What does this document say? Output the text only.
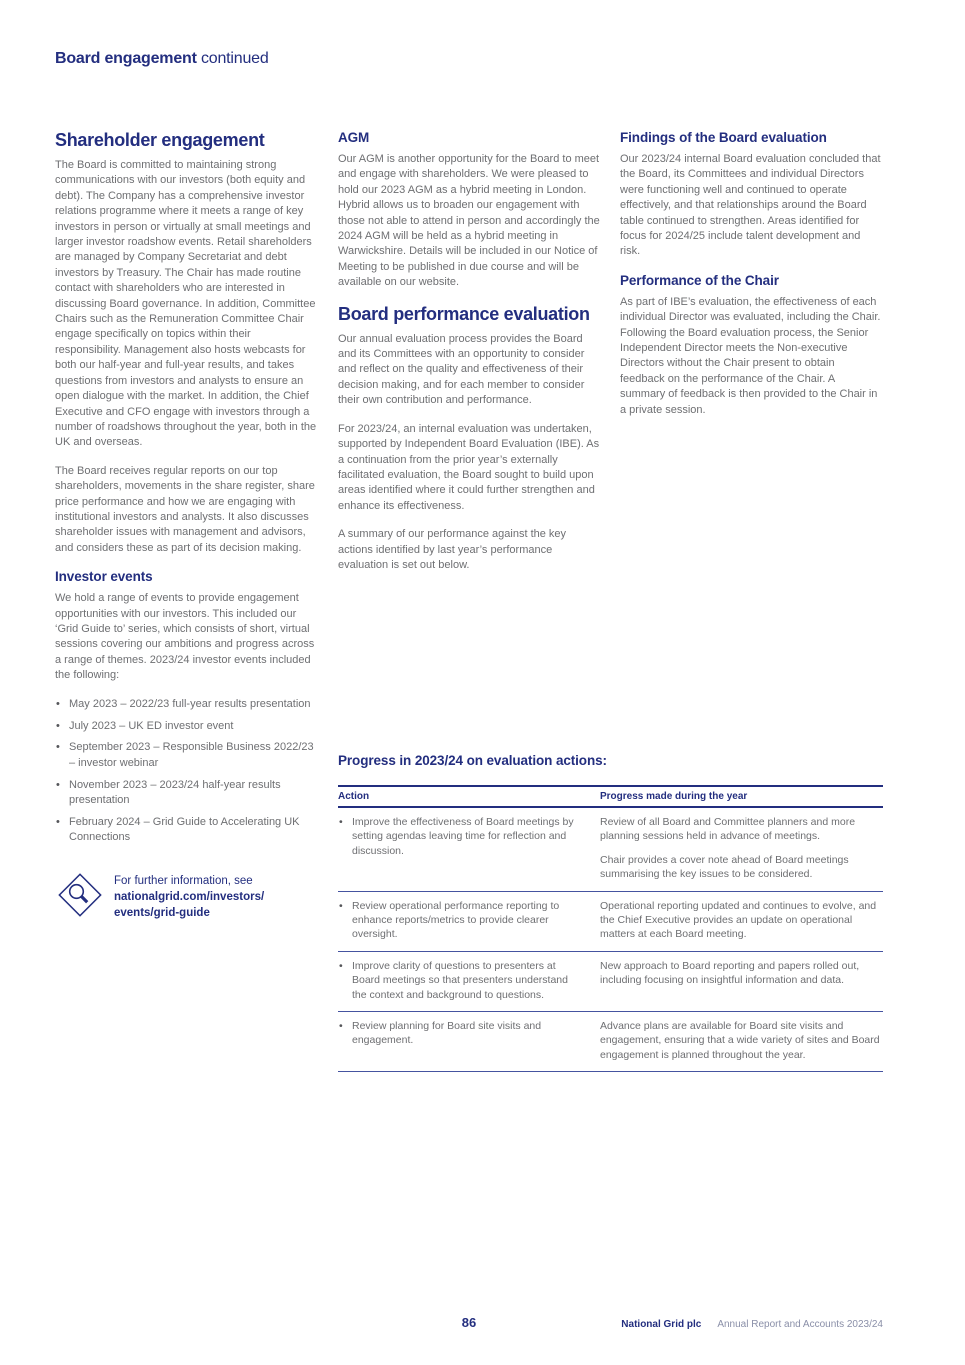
Board engagement continued
Shareholder engagement

The Board is committed to maintaining strong communications with our investors (both equity and debt). The Company has a comprehensive investor relations programme where it meets a range of key investors in person or virtually at small meetings and larger investor roadshow events. Retail shareholders are managed by Company Secretariat and debt investors by Treasury. The Chair has made routine contact with shareholders who are interested in discussing Board governance. In addition, Committee Chairs such as the Remuneration Committee Chair engage specifically on topics within their responsibility. Management also hosts webcasts for both our half-year and full-year results, and takes questions from investors and analysts to ensure an open dialogue with the market. In addition, the Chief Executive and CFO engage with investors through a number of roadshows throughout the year, both in the UK and overseas.

The Board receives regular reports on our top shareholders, movements in the share register, share price performance and how we are engaging with institutional investors and analysts. It also discusses shareholder issues with management and advisors, and considers these as part of its decision making.

Investor events

We hold a range of events to provide engagement opportunities with our investors. This included our ‘Grid Guide to’ series, which consists of short, virtual sessions covering our ambitions and progress across a range of themes. 2023/24 investor events included the following:

• May 2023 – 2022/23 full-year results presentation
• July 2023 – UK ED investor event
• September 2023 – Responsible Business 2022/23 – investor webinar
• November 2023 – 2023/24 half-year results presentation
• February 2024 – Grid Guide to Accelerating UK Connections
For further information, see
nationalgrid.com/investors/
events/grid-guide
AGM

Our AGM is another opportunity for the Board to meet and engage with shareholders. We were pleased to hold our 2023 AGM as a hybrid meeting in London. Hybrid allows us to broaden our engagement with those not able to attend in person and accordingly the 2024 AGM will be held as a hybrid meeting in Warwickshire. Details will be included in our Notice of Meeting to be published in due course and will be available on our website.

Board performance evaluation

Our annual evaluation process provides the Board and its Committees with an opportunity to consider and reflect on the quality and effectiveness of their decision making, and for each member to consider their own contribution and performance.

For 2023/24, an internal evaluation was undertaken, supported by Independent Board Evaluation (IBE). As a continuation from the prior year’s externally facilitated evaluation, the Board sought to build upon areas identified where it could further strengthen and enhance its effectiveness.

A summary of our performance against the key actions identified by last year’s performance evaluation is set out below.

Findings of the Board evaluation

Our 2023/24 internal Board evaluation concluded that the Board, its Committees and individual Directors were functioning well and continued to operate effectively, and that relationships around the Board table continued to strengthen. Areas identified for focus for 2024/25 include talent development and risk.

Performance of the Chair

As part of IBE’s evaluation, the effectiveness of each individual Director was evaluated, including the Chair. Following the Board evaluation process, the Senior Independent Director meets the Non-executive Directors without the Chair present to obtain feedback on the performance of the Chair. A summary of feedback is then provided to the Chair in a private session.

Progress in 2023/24 on evaluation actions:
Action	Progress made during the year
• Improve the effectiveness of Board meetings by setting agendas leaving time for reflection and discussion.	Review of all Board and Committee planners and more planning sessions held in advance of meetings.

Chair provides a cover note ahead of Board meetings summarising the key issues to be considered.

• Review operational performance reporting to enhance reports/metrics to provide clearer oversight.	Operational reporting updated and continues to evolve, and the Chief Executive provides an update on operational matters at each Board meeting.

• Improve clarity of questions to presenters at Board meetings so that presenters understand the context and background to questions.	New approach to Board reporting and papers rolled out, including focusing on insightful information and data.

• Review planning for Board site visits and engagement.	Advance plans are available for Board site visits and engagement, ensuring that a wide variety of sites and Board engagement is planned throughout the year.

86	National Grid plc Annual Report and Accounts 2023/24
